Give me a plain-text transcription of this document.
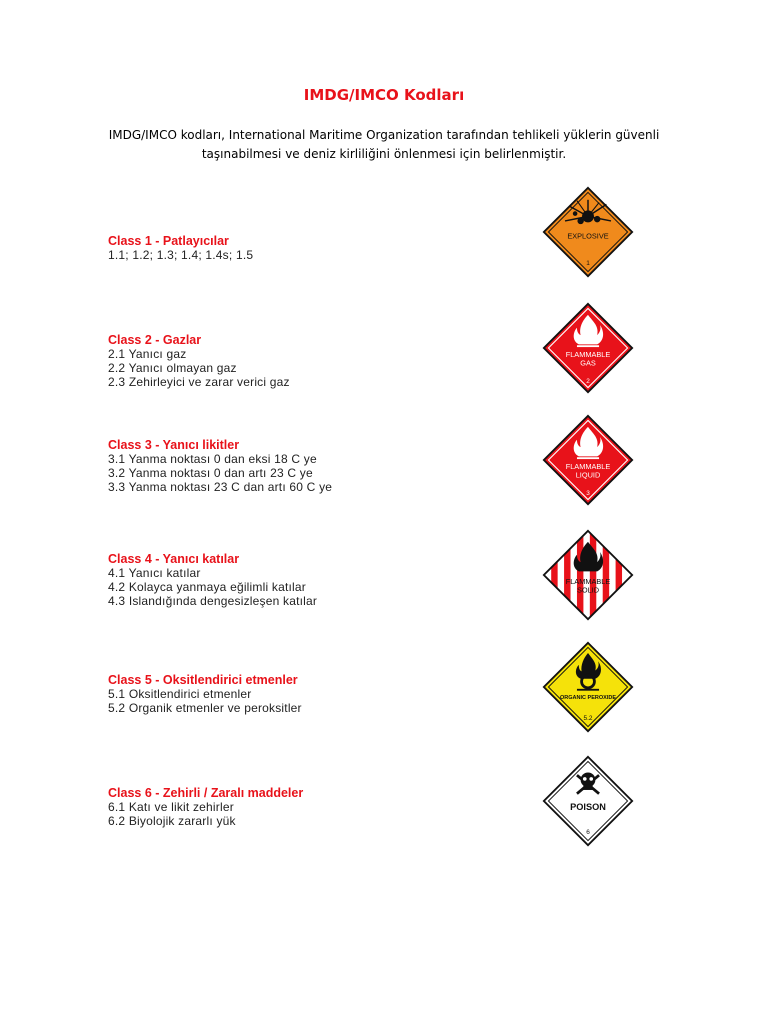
IMDG/IMCO Kodları
IMDG/IMCO kodları, International Maritime Organization tarafından tehlikeli yüklerin güvenli taşınabilmesi ve deniz kirliliğini önlenmesi için belirlenmiştir.
Class 1 - Patlayıcılar
1.1; 1.2; 1.3; 1.4; 1.4s; 1.5
Class 2 - Gazlar
2.1 Yanıcı gaz
2.2 Yanıcı olmayan gaz
2.3 Zehirleyici ve zarar verici gaz
Class 3 - Yanıcı likitler
3.1 Yanma noktası 0 dan eksi 18 C ye
3.2 Yanma noktası 0 dan artı 23 C ye
3.3 Yanma noktası 23 C dan artı 60 C ye
Class 4 - Yanıcı katılar
4.1 Yanıcı katılar
4.2 Kolayca yanmaya eğilimli katılar
4.3 Islandığında dengesizleşen katılar
Class 5 - Oksitlendirici etmenler
5.1 Oksitlendirici etmenler
5.2 Organik etmenler ve peroksitler
Class 6 - Zehirli / Zaralı maddeler
6.1 Katı ve likit zehirler
6.2 Biyolojik zararlı yük
EXPLOSIVE
1
FLAMMABLE
GAS
2
FLAMMABLE
LIQUID
3
FLAMMABLE
SOLID
ORGANIC PEROXIDE
5.2
POISON
6
